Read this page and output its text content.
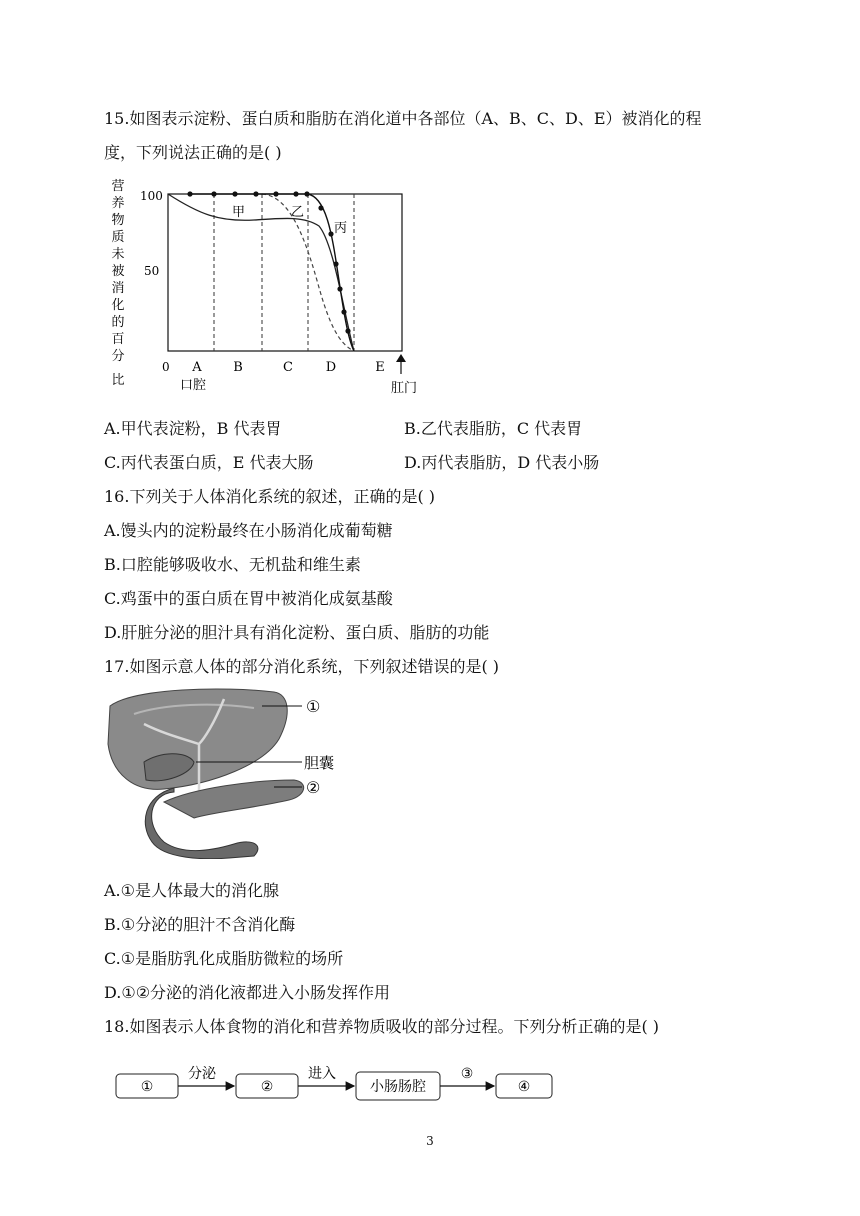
15.如图表示淀粉、蛋白质和脂肪在消化道中各部位（A、B、C、D、E）被消化的程
度，下列说法正确的是( )
营
养
物
质
未
被
消
化
的
百
分
比
100
50
0 A B	C	D	E
口腔	肛门
甲	乙
丙
A.甲代表淀粉，B 代表胃	B.乙代表脂肪，C 代表胃
C.丙代表蛋白质，E 代表大肠	D.丙代表脂肪，D 代表小肠
16.下列关于人体消化系统的叙述，正确的是( )
A.馒头内的淀粉最终在小肠消化成葡萄糖
B.口腔能够吸收水、无机盐和维生素
C.鸡蛋中的蛋白质在胃中被消化成氨基酸
D.肝脏分泌的胆汁具有消化淀粉、蛋白质、脂肪的功能
17.如图示意人体的部分消化系统，下列叙述错误的是( )
①
胆囊
②
A.①是人体最大的消化腺
B.①分泌的胆汁不含消化酶
C.①是脂肪乳化成脂肪微粒的场所
D.①②分泌的消化液都进入小肠发挥作用
18.如图表示人体食物的消化和营养物质吸收的部分过程。下列分析正确的是( )
①
分泌
②
进入
小肠肠腔
③
④
3
